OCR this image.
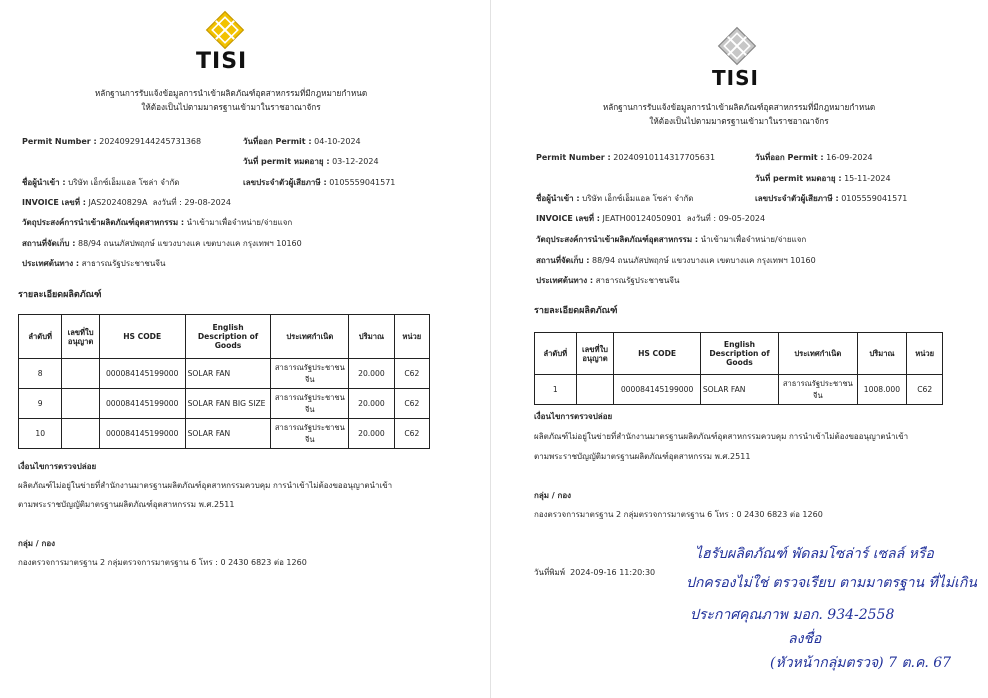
TISI
หลักฐานการรับแจ้งข้อมูลการนำเข้าผลิตภัณฑ์อุตสาหกรรมที่มีกฎหมายกำหนด
ให้ต้องเป็นไปตามมาตรฐานเข้ามาในราชอาณาจักร
Permit Number : 20240929144245731368	วันที่ออก Permit : 04-10-2024
วันที่ permit หมดอายุ : 03-12-2024
ชื่อผู้นำเข้า : บริษัท เอ็กซ์เอ็มแอล โซล่า จำกัด	เลขประจำตัวผู้เสียภาษี : 0105559041571
INVOICE เลขที่ : JAS20240829A ลงวันที่ : 29-08-2024
วัตถุประสงค์การนำเข้าผลิตภัณฑ์อุตสาหกรรม : นำเข้ามาเพื่อจำหน่าย/จ่ายแจก
สถานที่จัดเก็บ : 88/94 ถนนภัสปพฤกษ์ แขวงบางแค เขตบางแค กรุงเทพฯ 10160
ประเทศต้นทาง : สาธารณรัฐประชาชนจีน
รายละเอียดผลิตภัณฑ์
ลำดับที่	เลขที่ใบอนุญาต	HS CODE	English Description of Goods	ประเทศกำเนิด	ปริมาณ	หน่วย
8		000084145199000	SOLAR FAN	สาธารณรัฐประชาชนจีน	20.000	C62
9		000084145199000	SOLAR FAN BIG SIZE	สาธารณรัฐประชาชนจีน	20.000	C62
10		000084145199000	SOLAR FAN	สาธารณรัฐประชาชนจีน	20.000	C62
เงื่อนไขการตรวจปล่อย
ผลิตภัณฑ์ไม่อยู่ในข่ายที่สำนักงานมาตรฐานผลิตภัณฑ์อุตสาหกรรมควบคุม การนำเข้าไม่ต้องขออนุญาตนำเข้า
ตามพระราชบัญญัติมาตรฐานผลิตภัณฑ์อุตสาหกรรม พ.ศ.2511
กลุ่ม / กอง
กองตรวจการมาตรฐาน 2 กลุ่มตรวจการมาตรฐาน 6 โทร : 0 2430 6823 ต่อ 1260
TISI
หลักฐานการรับแจ้งข้อมูลการนำเข้าผลิตภัณฑ์อุตสาหกรรมที่มีกฎหมายกำหนด
ให้ต้องเป็นไปตามมาตรฐานเข้ามาในราชอาณาจักร
Permit Number : 20240910114317705631	วันที่ออก Permit : 16-09-2024
วันที่ permit หมดอายุ : 15-11-2024
ชื่อผู้นำเข้า : บริษัท เอ็กซ์เอ็มแอล โซล่า จำกัด	เลขประจำตัวผู้เสียภาษี : 0105559041571
INVOICE เลขที่ : JEATH00124050901 ลงวันที่ : 09-05-2024
วัตถุประสงค์การนำเข้าผลิตภัณฑ์อุตสาหกรรม : นำเข้ามาเพื่อจำหน่าย/จ่ายแจก
สถานที่จัดเก็บ : 88/94 ถนนภัสปพฤกษ์ แขวงบางแค เขตบางแค กรุงเทพฯ 10160
ประเทศต้นทาง : สาธารณรัฐประชาชนจีน
รายละเอียดผลิตภัณฑ์
ลำดับที่	เลขที่ใบอนุญาต	HS CODE	English Description of Goods	ประเทศกำเนิด	ปริมาณ	หน่วย
1		000084145199000	SOLAR FAN	สาธารณรัฐประชาชนจีน	1008.000	C62
เงื่อนไขการตรวจปล่อย
ผลิตภัณฑ์ไม่อยู่ในข่ายที่สำนักงานมาตรฐานผลิตภัณฑ์อุตสาหกรรมควบคุม การนำเข้าไม่ต้องขออนุญาตนำเข้า
ตามพระราชบัญญัติมาตรฐานผลิตภัณฑ์อุตสาหกรรม พ.ศ.2511
กลุ่ม / กอง
กองตรวจการมาตรฐาน 2 กลุ่มตรวจการมาตรฐาน 6 โทร : 0 2430 6823 ต่อ 1260
วันที่พิมพ์ 2024-09-16 11:20:30
ไฮรับผลิตภัณฑ์ พัดลมโซล่าร์ เซลล์ หรือ
ปกครองไม่ใช่ ตรวจเรียบ ตามมาตรฐาน ที่ไม่เกิน
ประกาศคุณภาพ มอก. 934-2558
ลงชื่อ
(หัวหน้ากลุ่มตรวจ) 7 ต.ค. 67
